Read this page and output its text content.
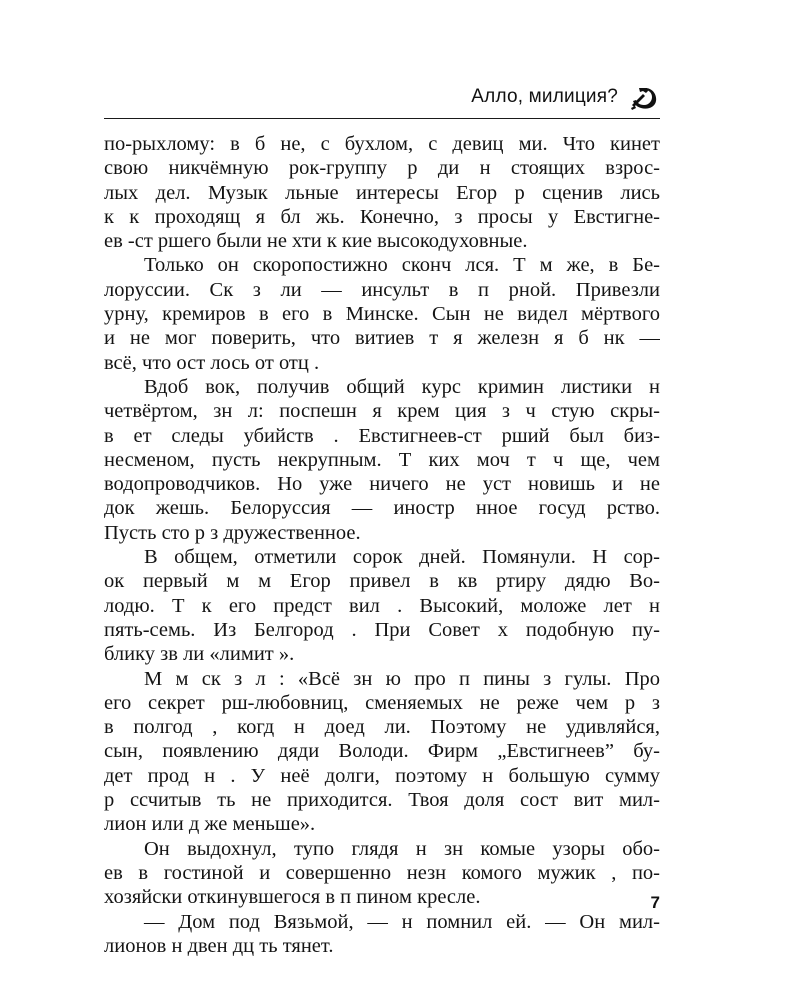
Алло, милиция?

по-рыхлому: в б не, с бухлом, с девиц ми. Что кинет
свою никчёмную рок-группу р ди н стоящих взрос-
лых дел. Музык льные интересы Егор р сценив лись
к к проходящ я бл жь. Конечно, з просы у Евстигне-
ев -ст ршего были не хти к кие высокодуховные.

Только он скоропостижно сконч лся. Т м же, в Бе-
лоруссии. Ск з ли — инсульт в п рной. Привезли
урну, кремиров в его в Минске. Сын не видел мёртвого
и не мог поверить, что витиев т я железн я б нк —
всё, что ост лось от отц .

Вдоб вок, получив общий курс кримин листики н
четвёртом, зн л: поспешн я крем ция з ч стую скры-
в ет следы убийств . Евстигнеев-ст рший был биз-
несменом, пусть некрупным. Т ких моч т ч щe, чем
водопроводчиков. Но уже ничего не уст новишь и не
док жешь. Белоруссия — иностр нное госуд рство.
Пусть сто р з дружественное.

В общем, отметили сорок дней. Помянули. Н сор-
ок первый м м Егор привел в кв ртиру дядю Во-
лодю. Т к его предст вил . Высокий, моложе лет н
пять-семь. Из Белгород . При Совет х подобную пу-
блику зв ли «лимит ».

М м ск з л : «Всё зн ю про п пины з гулы. Про
его секрет рш-любовниц, сменяемых не реже чем р з
в полгод , когд н доед ли. Поэтому не удивляйся,
сын, появлению дяди Володи. Фирм „Евстигнеев” бу-
дет прод н . У неё долги, поэтому н большую сумму
р ссчитыв ть не приходится. Твоя доля сост вит мил-
лион или д же меньше».

Он выдохнул, тупо глядя н зн комые узоры обо-
ев в гостиной и совершенно незн комого мужик , по-
хозяйски откинувшегося в п пином кресле.

— Дом под Вязьмой, — н помнил ей. — Он мил-
лионов н двен дц ть тянет.

7
